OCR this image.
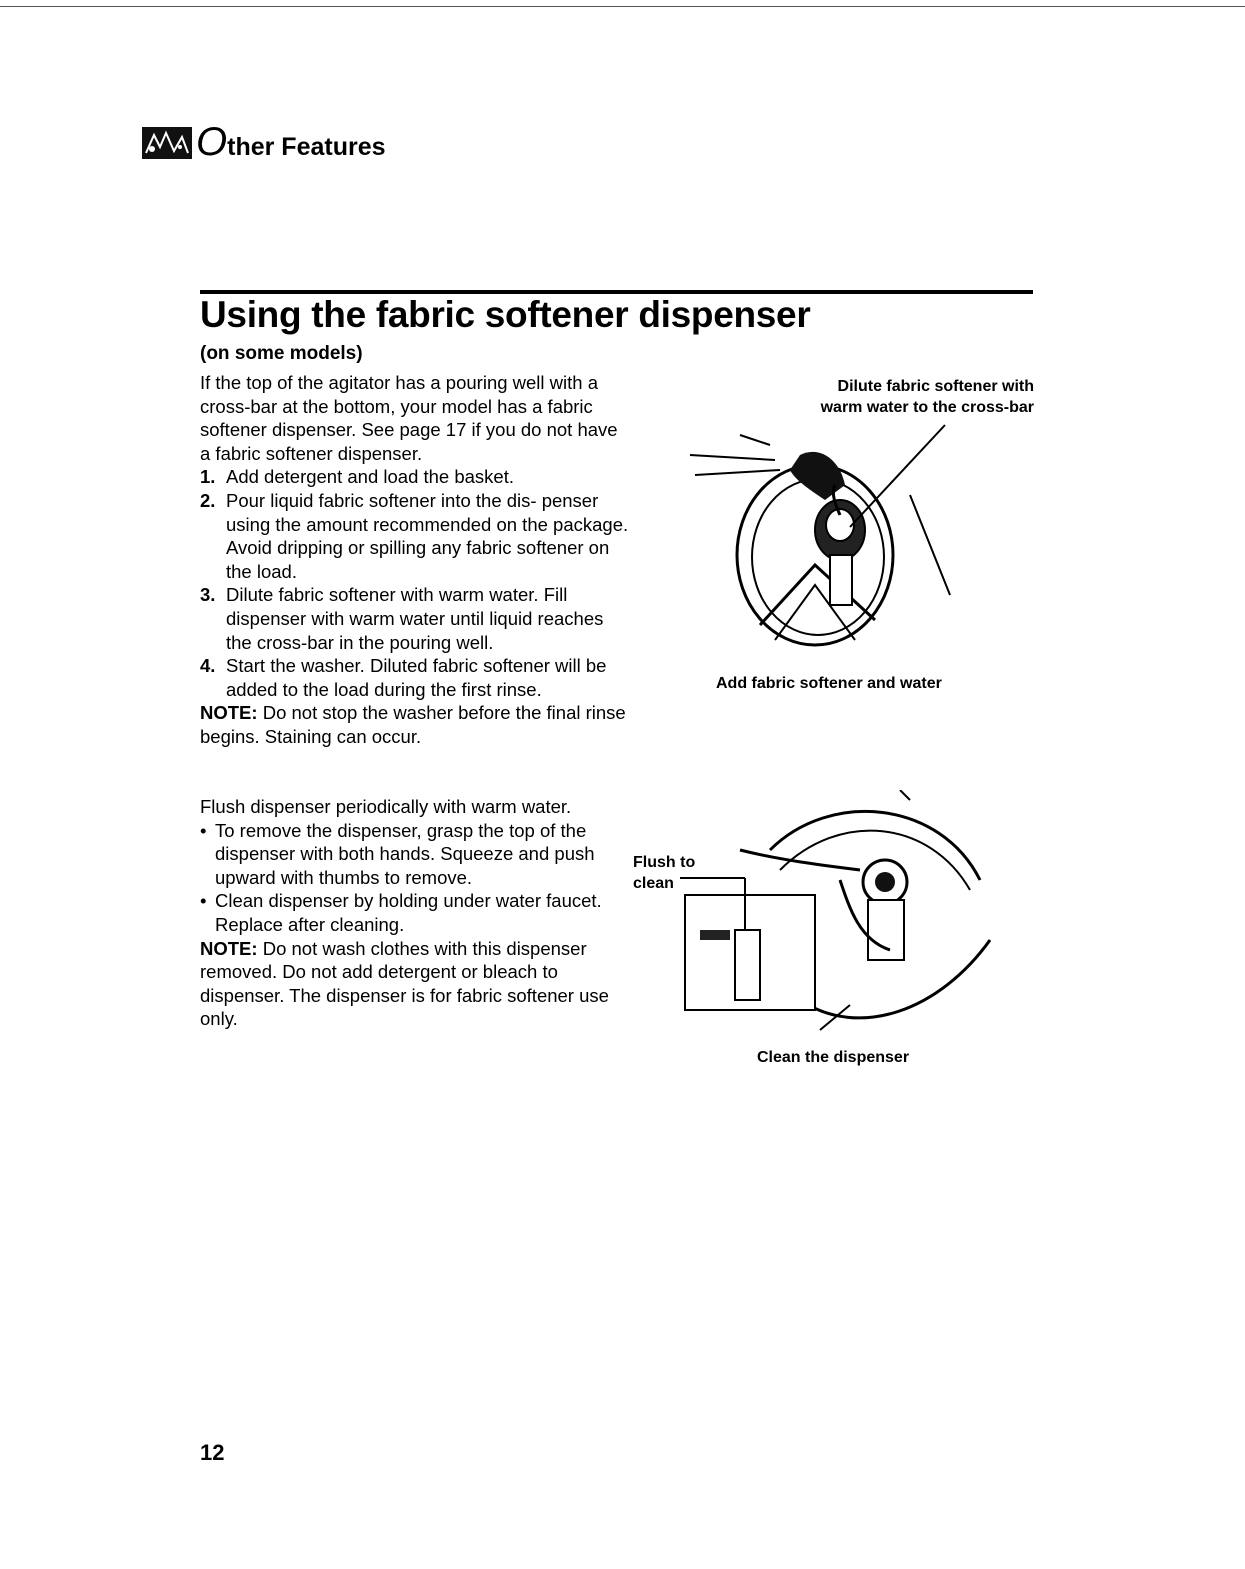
O ther Features
Using the fabric softener dispenser
(on some models)

If the top of the agitator has a pouring well with a cross-bar at the bottom, your model has a fabric softener dispenser. See page 17 if you do not have a fabric softener dispenser.

1. Add detergent and load the basket.
2. Pour liquid fabric softener into the dis- penser using the amount recommended on the package. Avoid dripping or spilling any fabric softener on the load.
3. Dilute fabric softener with warm water. Fill dispenser with warm water until liquid reaches the cross-bar in the pouring well.
4. Start the washer. Diluted fabric softener will be added to the load during the first rinse.

NOTE: Do not stop the washer before the final rinse begins. Staining can occur.

Flush dispenser periodically with warm water.

• To remove the dispenser, grasp the top of the dispenser with both hands. Squeeze and push upward with thumbs to remove.
• Clean dispenser by holding under water faucet. Replace after cleaning.

NOTE: Do not wash clothes with this dispenser removed. Do not add detergent or bleach to dispenser. The dispenser is for fabric softener use only.

Dilute fabric softener with warm water to the cross-bar
Add fabric softener and water
Flush to clean
Clean the dispenser
12
